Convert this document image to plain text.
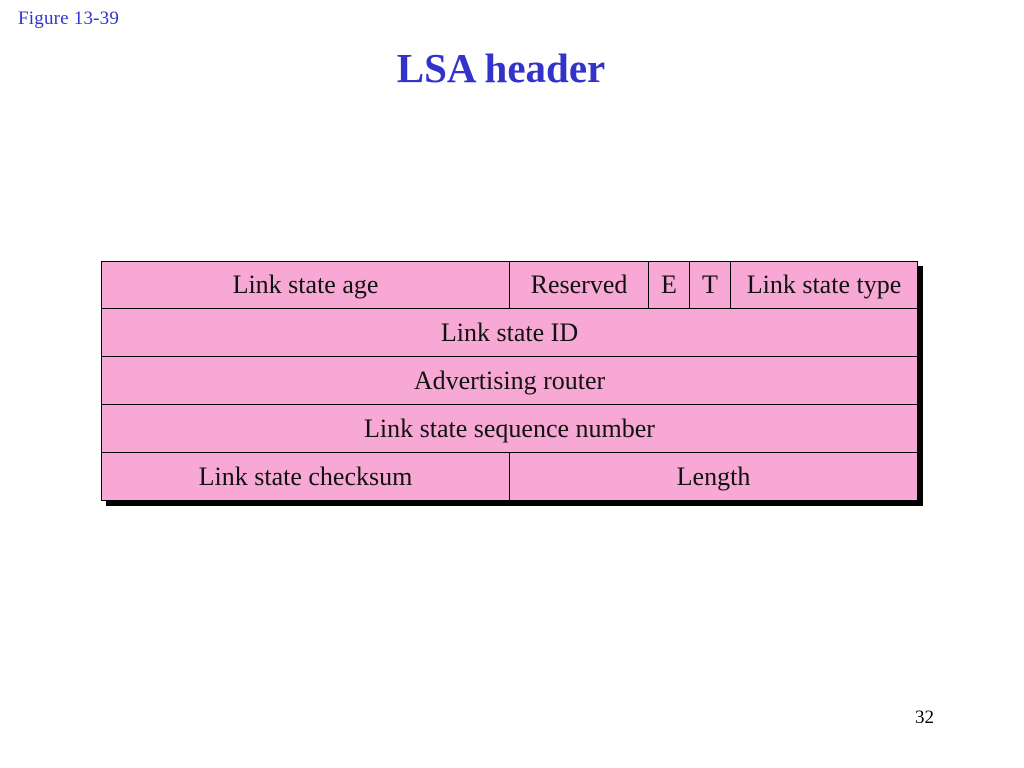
Figure 13-39
LSA header
Link state age	Reserved	E T	Link state type
Link state ID
Advertising router
Link state sequence number
Link state checksum	Length
32
